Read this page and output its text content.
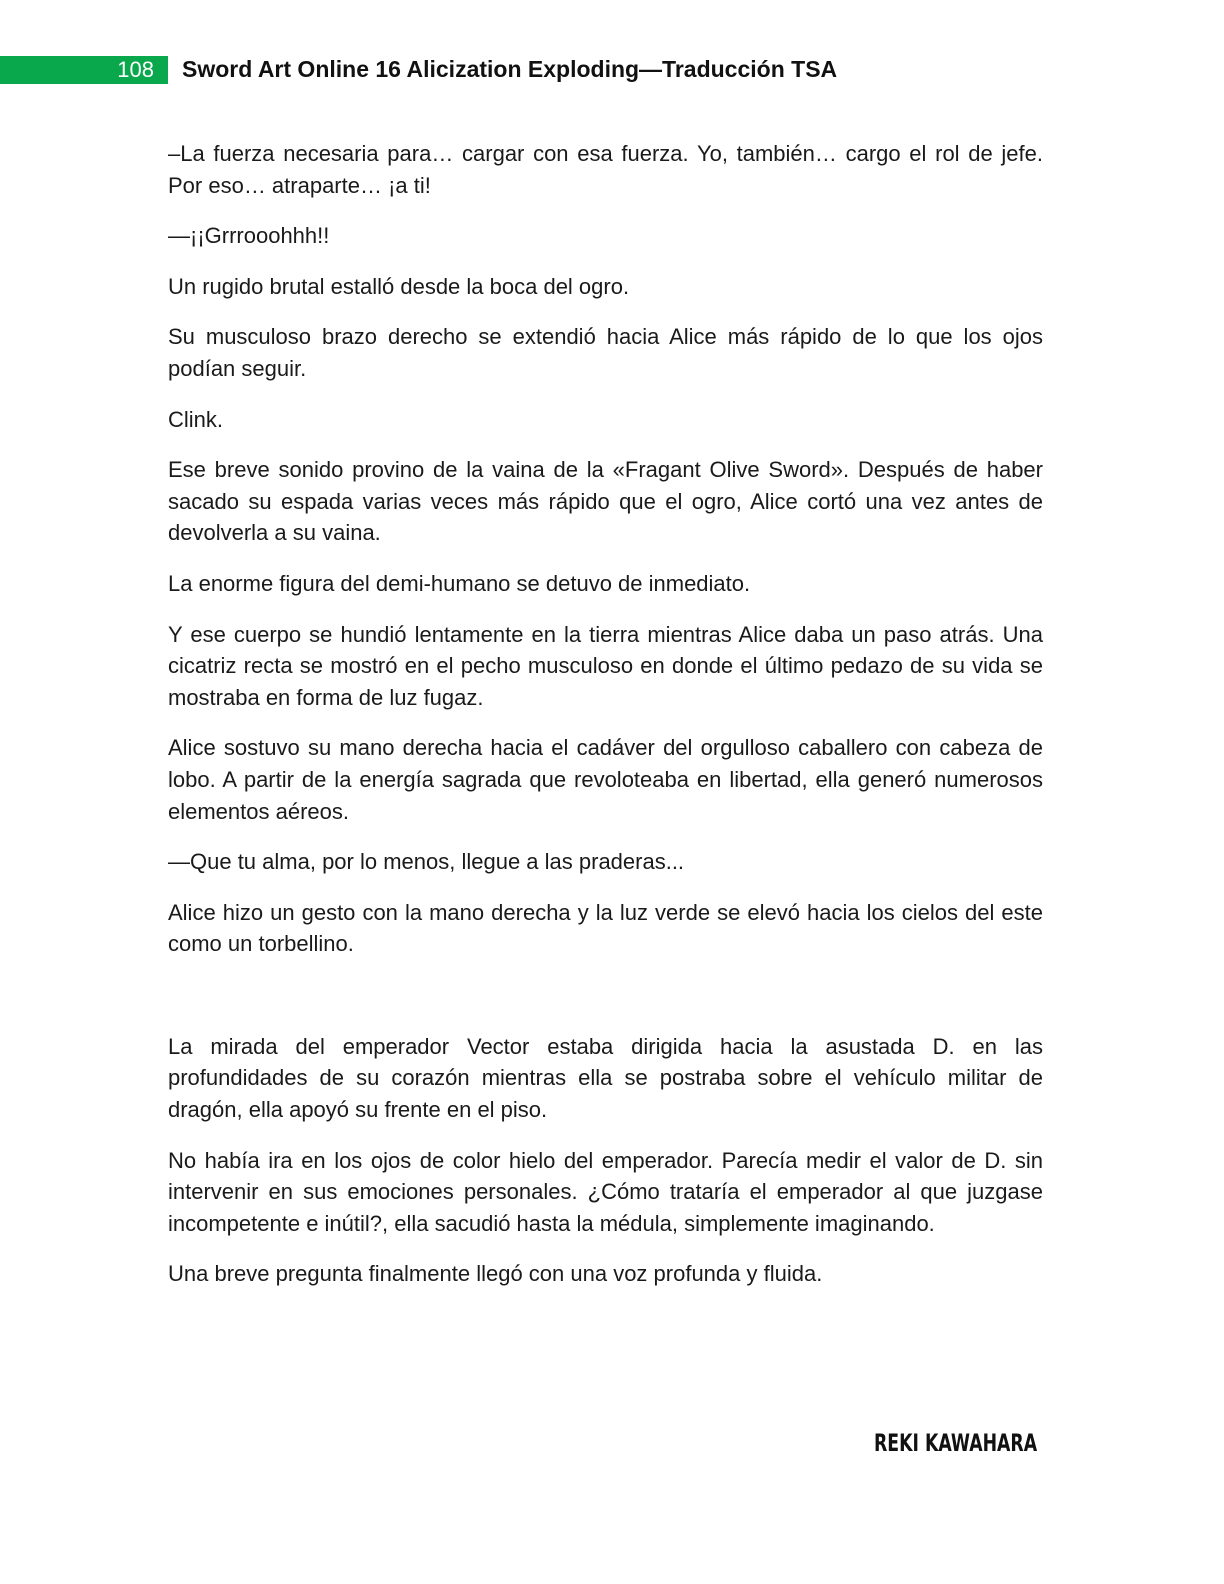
108 Sword Art Online 16 Alicization Exploding—Traducción TSA

–La fuerza necesaria para… cargar con esa fuerza. Yo, también… cargo el rol de jefe. Por eso… atraparte… ¡a ti!

—¡¡Grrrooohhh!!

Un rugido brutal estalló desde la boca del ogro.

Su musculoso brazo derecho se extendió hacia Alice más rápido de lo que los ojos podían seguir.

Clink.

Ese breve sonido provino de la vaina de la «Fragant Olive Sword». Después de haber sacado su espada varias veces más rápido que el ogro, Alice cortó una vez antes de devolverla a su vaina.

La enorme figura del demi-humano se detuvo de inmediato.

Y ese cuerpo se hundió lentamente en la tierra mientras Alice daba un paso atrás. Una cicatriz recta se mostró en el pecho musculoso en donde el último pedazo de su vida se mostraba en forma de luz fugaz.

Alice sostuvo su mano derecha hacia el cadáver del orgulloso caballero con cabeza de lobo. A partir de la energía sagrada que revoloteaba en libertad, ella generó numerosos elementos aéreos.

—Que tu alma, por lo menos, llegue a las praderas...

Alice hizo un gesto con la mano derecha y la luz verde se elevó hacia los cielos del este como un torbellino.

La mirada del emperador Vector estaba dirigida hacia la asustada D. en las profundidades de su corazón mientras ella se postraba sobre el vehículo militar de dragón, ella apoyó su frente en el piso.

No había ira en los ojos de color hielo del emperador. Parecía medir el valor de D. sin intervenir en sus emociones personales. ¿Cómo trataría el emperador al que juzgase incompetente e inútil?, ella sacudió hasta la médula, simplemente imaginando.

Una breve pregunta finalmente llegó con una voz profunda y fluida.

REKI KAWAHARA
